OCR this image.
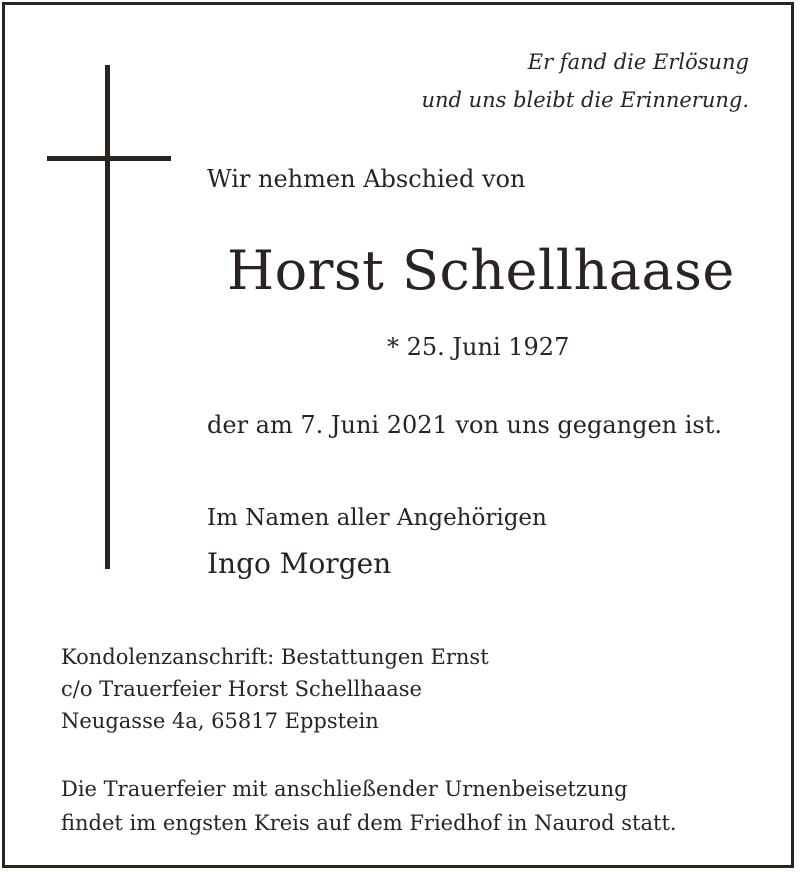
Er fand die Erlösung

und uns bleibt die Erinnerung.

Wir nehmen Abschied von

Horst Schellhaase

* 25. Juni 1927

der am 7. Juni 2021 von uns gegangen ist.

Im Namen aller Angehörigen

Ingo Morgen

Kondolenzanschrift: Bestattungen Ernst

c/o Trauerfeier Horst Schellhaase

Neugasse 4a, 65817 Eppstein

Die Trauerfeier mit anschließender Urnenbeisetzung

findet im engsten Kreis auf dem Friedhof in Naurod statt.
